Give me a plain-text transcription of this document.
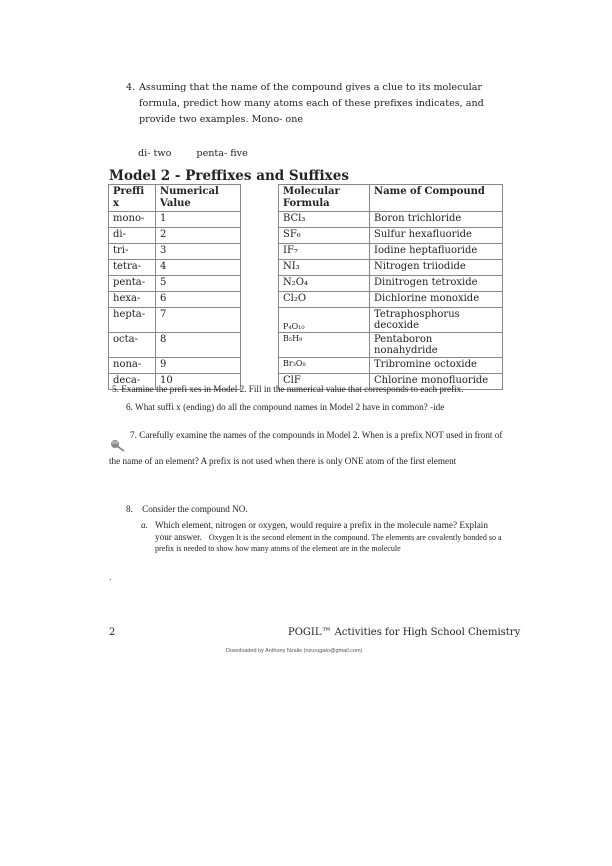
4. Assuming that the name of the compound gives a clue to its molecular formula, predict how many atoms each of these prefixes indicates, and provide two examples. Mono- one
di- two	penta- five
Model 2 - Preffixes and Suffixes
Preffi x	Numerical Value		Molecular Formula	Name of Compound
mono-	1		BCl₃	Boron trichloride
di-	2		SF₆	Sulfur hexafluoride
tri-	3		IF₇	Iodine heptafluoride
tetra-	4		NI₃	Nitrogen triiodide
penta-	5		N₂O₄	Dinitrogen tetroxide
hexa-	6		Cl₂O	Dichlorine monoxide
hepta-	7		P₄O₁₀	Tetraphosphorus decoxide
octa-	8		B₅H₉	Pentaboron nonahydride
nona-	9		Br₃O₈	Tribromine octoxide
deca-	10		ClF	Chlorine monofluoride
5. Examine the prefi xes in Model 2. Fill in the numerical value that corresponds to each prefix.
6. What suffi x (ending) do all the compound names in Model 2 have in common? -ide
7. Carefully examine the names of the compounds in Model 2. When is a prefix NOT used in front of
the name of an element? A prefix is not used when there is only ONE atom of the first element
8. Consider the compound NO.
a. Which element, nitrogen or oxygen, would require a prefix in the molecule name? Explain your answer. Oxygen It is the second element in the compound. The elements are covalently bonded so a prefix is needed to show how many atoms of the element are in the molecule
.
2	POGIL™ Activities for High School Chemistry
Downloaded by Anthony Nzalie (nzurugato@gmail.com)
